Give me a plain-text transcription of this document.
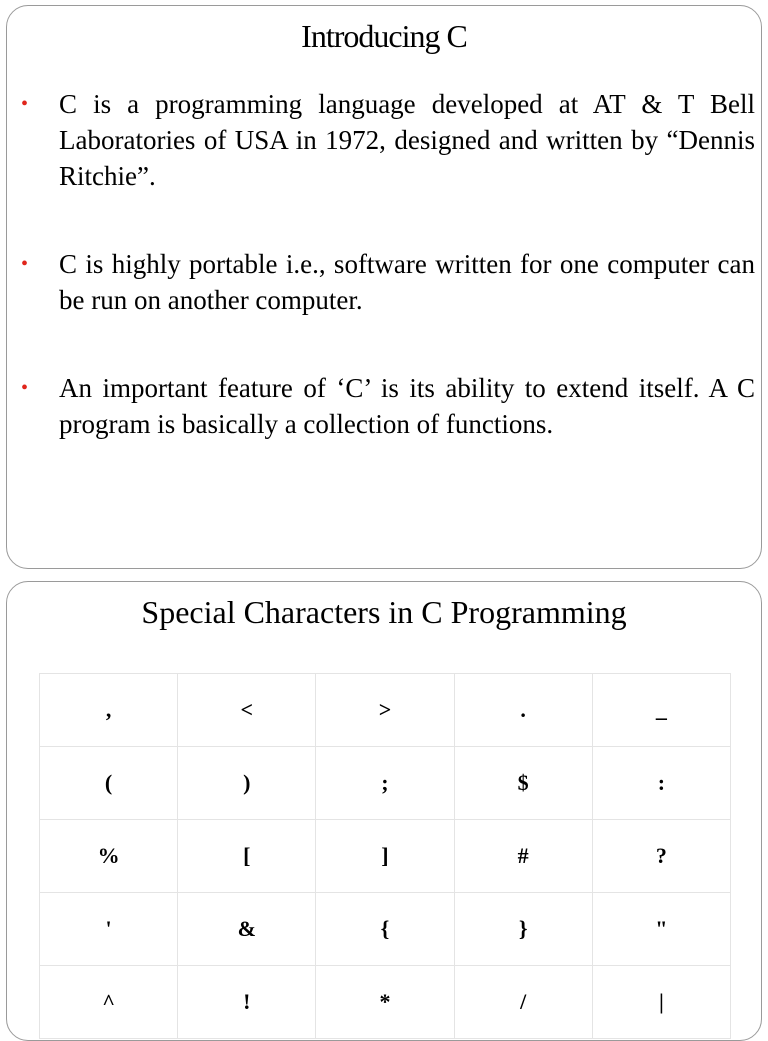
Introducing C
• C is a programming language developed at AT & T Bell Laboratories of USA in 1972, designed and written by “Dennis Ritchie”.
• C is highly portable i.e., software written for one computer can be run on another computer.
• An important feature of ‘C’ is its ability to extend itself. A C program is basically a collection of functions.
Special Characters in C Programming
,	<	>	.	_
(	)	;	$	:
%	[	]	#	?
'	&	{	}	"
^	!	*	/	|
